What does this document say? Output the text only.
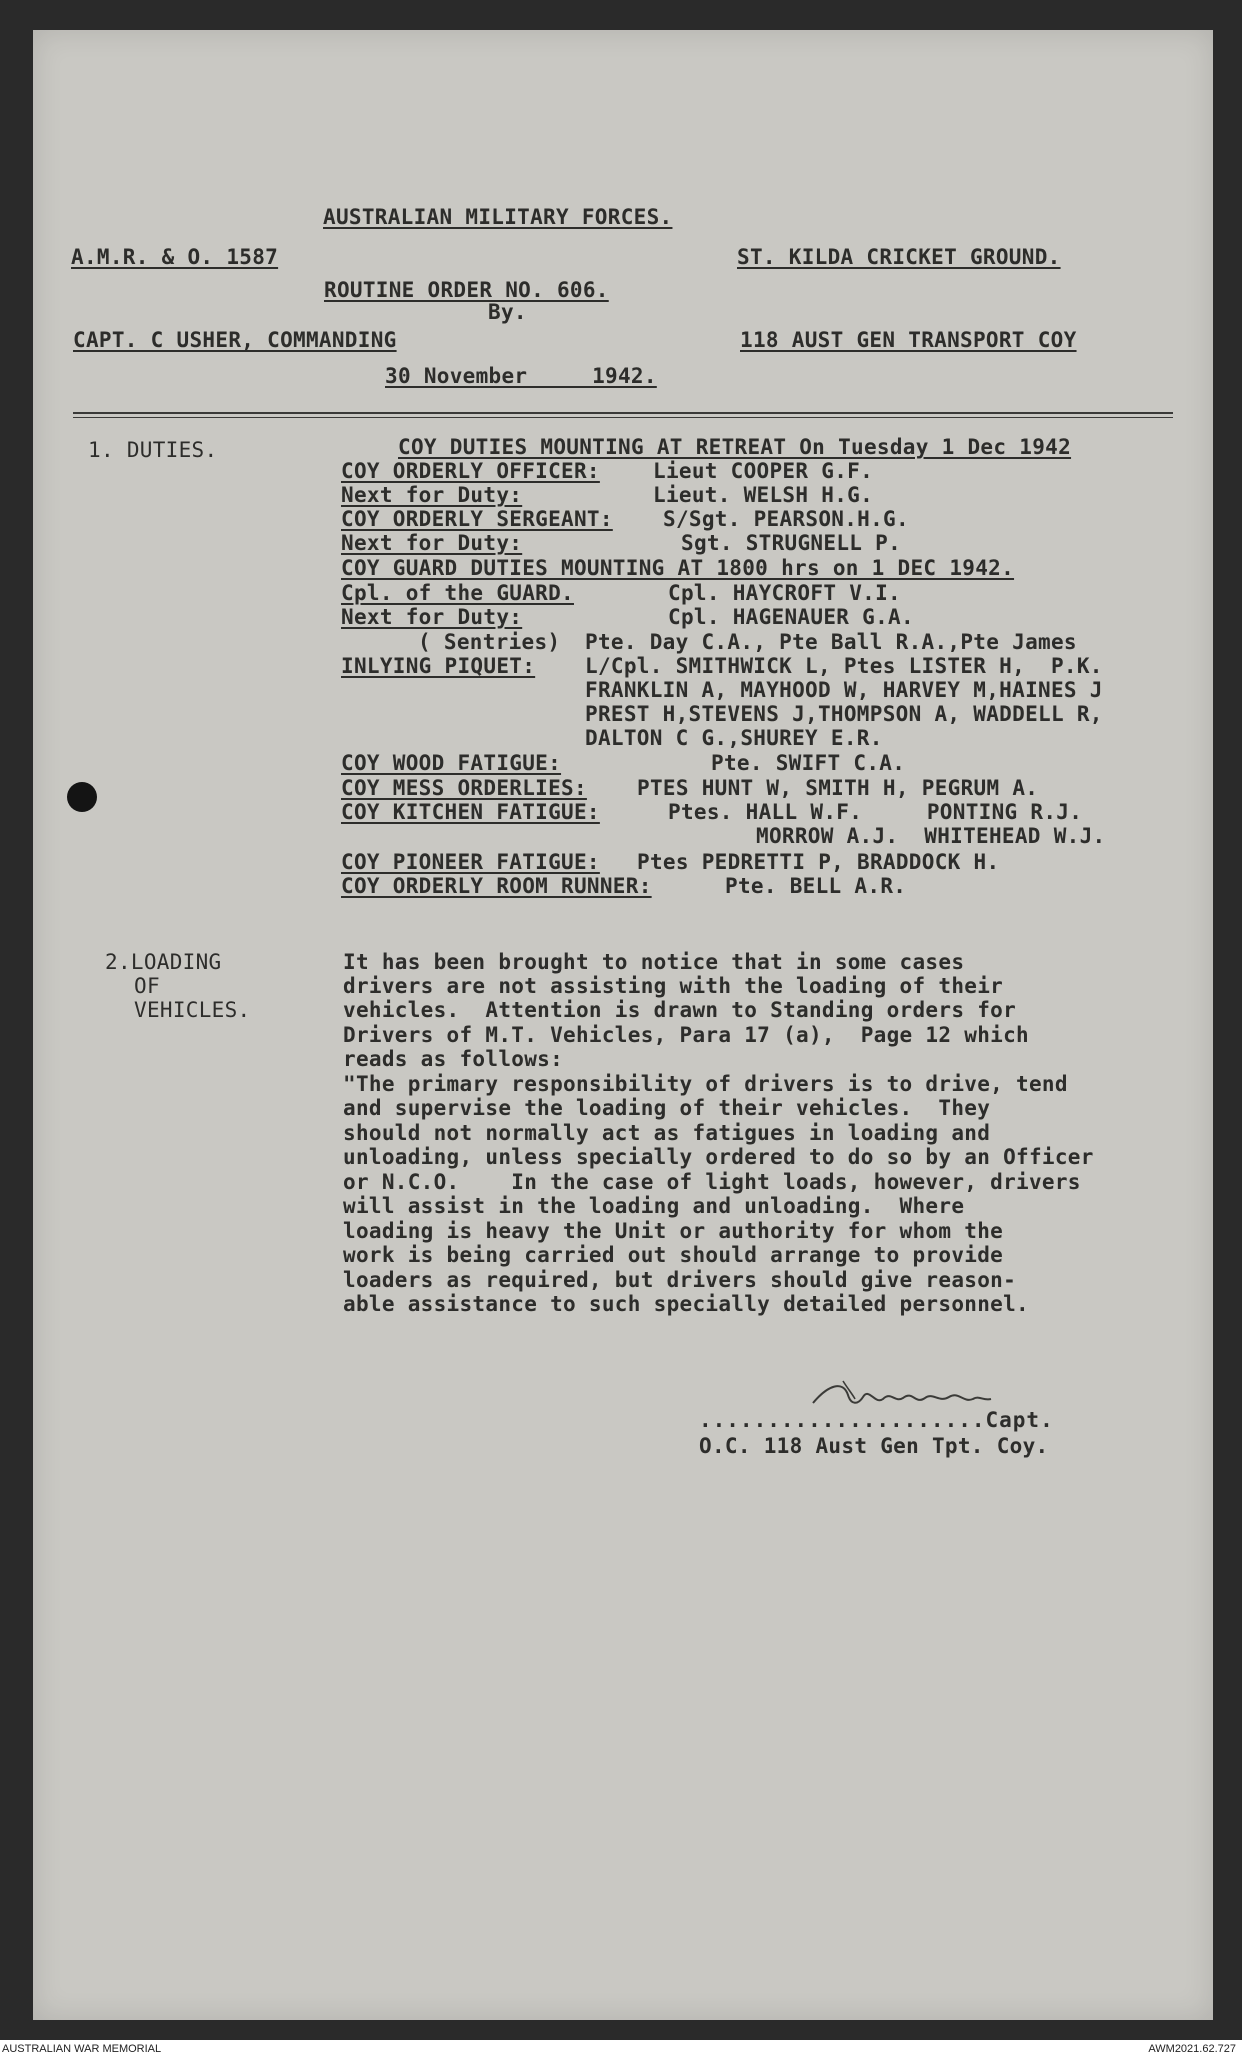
AUSTRALIAN MILITARY FORCES.
A.M.R. & O. 1587	ST. KILDA CRICKET GROUND.
ROUTINE ORDER NO. 606.
By.
CAPT. C USHER, COMMANDING	118 AUST GEN TRANSPORT COY
30 November     1942.
1. DUTIES.	COY DUTIES MOUNTING AT RETREAT On Tuesday 1 Dec 1942
COY ORDERLY OFFICER:	Lieut COOPER G.F.
Next for Duty:	Lieut. WELSH H.G.
COY ORDERLY SERGEANT: S/Sgt. PEARSON.H.G.
Next for Duty:	Sgt. STRUGNELL P.
COY GUARD DUTIES MOUNTING AT 1800 hrs on 1 DEC 1942.
Cpl. of the GUARD.	Cpl. HAYCROFT V.I.
Next for Duty:	Cpl. HAGENAUER G.A.
( Sentries) Pte. Day C.A., Pte Ball R.A.,Pte James
INLYING PIQUET: L/Cpl. SMITHWICK L, Ptes LISTER H,  P.K.
FRANKLIN A, MAYHOOD W, HARVEY M,HAINES J
PREST H,STEVENS J,THOMPSON A, WADDELL R,
DALTON C G.,SHUREY E.R.
COY WOOD FATIGUE:	Pte. SWIFT C.A.
COY MESS ORDERLIES: PTES HUNT W, SMITH H, PEGRUM A.
COY KITCHEN FATIGUE:	Ptes. HALL W.F.     PONTING R.J.
MORROW A.J.  WHITEHEAD W.J.
COY PIONEER FATIGUE: Ptes PEDRETTI P, BRADDOCK H.
COY ORDERLY ROOM RUNNER:	Pte. BELL A.R.
2.LOADING
OF
VEHICLES.
It has been brought to notice that in some cases
drivers are not assisting with the loading of their
vehicles.  Attention is drawn to Standing orders for
Drivers of M.T. Vehicles, Para 17 (a),  Page 12 which
reads as follows:
"The primary responsibility of drivers is to drive, tend
and supervise the loading of their vehicles.  They
should not normally act as fatigues in loading and
unloading, unless specially ordered to do so by an Officer
or N.C.O.    In the case of light loads, however, drivers
will assist in the loading and unloading.  Where
loading is heavy the Unit or authority for whom the
work is being carried out should arrange to provide
loaders as required, but drivers should give reason-
able assistance to such specially detailed personnel.
.....................Capt.
O.C. 118 Aust Gen Tpt. Coy.
AUSTRALIAN WAR MEMORIAL	AWM2021.62.727
